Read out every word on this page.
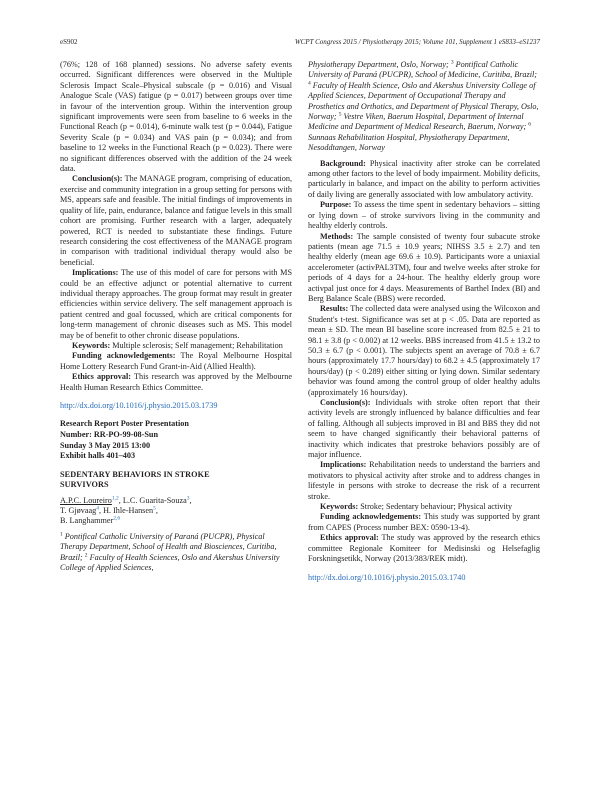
eS902	WCPT Congress 2015 / Physiotherapy 2015; Volume 101, Supplement 1 eS833–eS1237

(76%; 128 of 168 planned) sessions. No adverse safety events occurred. Significant differences were observed in the Multiple Sclerosis Impact Scale–Physical subscale (p = 0.016) and Visual Analogue Scale (VAS) fatigue (p = 0.017) between groups over time in favour of the intervention group. Within the intervention group significant improvements were seen from baseline to 6 weeks in the Functional Reach (p = 0.014), 6-minute walk test (p = 0.044), Fatigue Severity Scale (p = 0.034) and VAS pain (p = 0.034); and from baseline to 12 weeks in the Functional Reach (p = 0.023). There were no significant differences observed with the addition of the 24 week data.

Conclusion(s): The MANAGE program, comprising of education, exercise and community integration in a group setting for persons with MS, appears safe and feasible. The initial findings of improvements in quality of life, pain, endurance, balance and fatigue levels in this small cohort are promising. Further research with a larger, adequately powered, RCT is needed to substantiate these findings. Future research considering the cost effectiveness of the MANAGE program in comparison with traditional individual therapy would also be beneficial.

Implications: The use of this model of care for persons with MS could be an effective adjunct or potential alternative to current individual therapy approaches. The group format may result in greater efficiencies within service delivery. The self management approach is patient centred and goal focussed, which are critical components for long-term management of chronic diseases such as MS. This model may be of benefit to other chronic disease populations.

Keywords: Multiple sclerosis; Self management; Rehabilitation

Funding acknowledgements: The Royal Melbourne Hospital Home Lottery Research Fund Grant-in-Aid (Allied Health).

Ethics approval: This research was approved by the Melbourne Health Human Research Ethics Committee.

http://dx.doi.org/10.1016/j.physio.2015.03.1739

Research Report Poster Presentation

Number: RR-PO-99-08-Sun

Sunday 3 May 2015 13:00

Exhibit halls 401–403

SEDENTARY BEHAVIORS IN STROKE

SURVIVORS

A.P.C. Loureiro$^{1,2}$, L.C. Guarita-Souza$^3$,
T. Gjøvaag$^4$, H. Ihle-Hansen$^5$,
B. Langhammer$^{2,6}$

$^1$ Pontifical Catholic University of Paraná (PUCPR), Physical Therapy Department, School of Health and Biosciences, Curitiba, Brazil; $^2$ Faculty of Health Sciences, Oslo and Akershus University College of Applied Sciences,

Physiotherapy Department, Oslo, Norway; $^3$ Pontifical Catholic University of Paraná (PUCPR), School of Medicine, Curitiba, Brazil; $^4$ Faculty of Health Science, Oslo and Akershus University College of Applied Sciences, Department of Occupational Therapy and Prosthetics and Orthotics, and Department of Physical Therapy, Oslo, Norway; $^5$ Vestre Viken, Baerum Hospital, Department of Internal Medicine and Department of Medical Research, Baerum, Norway; $^6$ Sunnaas Rehabilitation Hospital, Physiotherapy Department, Nesoddtangen, Norway

Background: Physical inactivity after stroke can be correlated among other factors to the level of body impairment. Mobility deficits, particularly in balance, and impact on the ability to perform activities of daily living are generally associated with low ambulatory activity.

Purpose: To assess the time spent in sedentary behaviors – sitting or lying down – of stroke survivors living in the community and healthy elderly controls.

Methods: The sample consisted of twenty four subacute stroke patients (mean age 71.5 ± 10.9 years; NIHSS 3.5 ± 2.7) and ten healthy elderly (mean age 69.6 ± 10.9). Participants wore a uniaxial accelerometer (activPAL3TM), four and twelve weeks after stroke for periods of 4 days for a 24-hour. The healthy elderly group wore activpal just once for 4 days. Measurements of Barthel Index (BI) and Berg Balance Scale (BBS) were recorded.

Results: The collected data were analysed using the Wilcoxon and Student's t-test. Significance was set at p < .05. Data are reported as mean ± SD. The mean BI baseline score increased from 82.5 ± 21 to 98.1 ± 3.8 (p < 0.002) at 12 weeks. BBS increased from 41.5 ± 13.2 to 50.3 ± 6.7 (p < 0.001). The subjects spent an average of 70.8 ± 6.7 hours (approximately 17.7 hours/day) to 68.2 ± 4.5 (approximately 17 hours/day) (p < 0.289) either sitting or lying down. Similar sedentary behavior was found among the control group of older healthy adults (approximately 16 hours/day).

Conclusion(s): Individuals with stroke often report that their activity levels are strongly influenced by balance difficulties and fear of falling. Although all subjects improved in BI and BBS they did not seem to have changed significantly their behavioral patterns of inactivity which indicates that prestroke behaviors possibly are of major influence.

Implications: Rehabilitation needs to understand the barriers and motivators to physical activity after stroke and to address changes in lifestyle in persons with stroke to decrease the risk of a recurrent stroke.

Keywords: Stroke; Sedentary behaviour; Physical activity

Funding acknowledgements: This study was supported by grant from CAPES (Process number BEX: 0590-13-4).

Ethics approval: The study was approved by the research ethics committee Regionale Komiteer for Medisinski og Helsefaglig Forskningsetikk, Norway (2013/383/REK midt).

http://dx.doi.org/10.1016/j.physio.2015.03.1740
